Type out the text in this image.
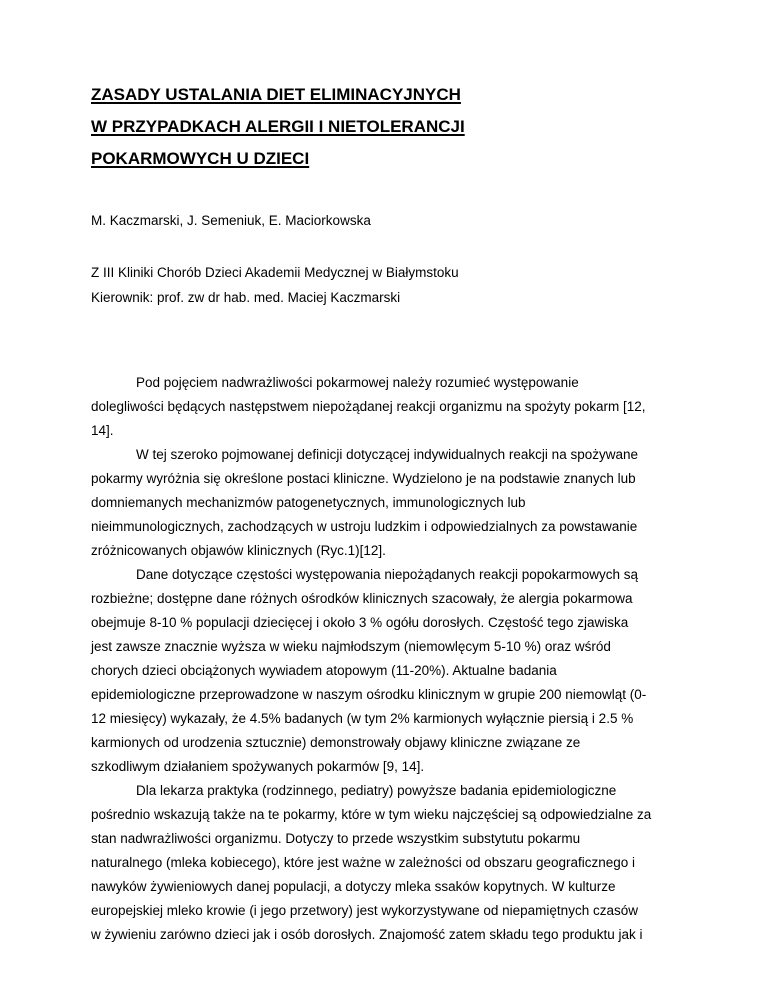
ZASADY USTALANIA DIET ELIMINACYJNYCH
W PRZYPADKACH ALERGII I NIETOLERANCJI
POKARMOWYCH U DZIECI

M. Kaczmarski, J. Semeniuk, E. Maciorkowska

Z III Kliniki Chorób Dzieci Akademii Medycznej w Białymstoku
Kierownik: prof. zw dr hab. med. Maciej Kaczmarski

Pod pojęciem nadwrażliwości pokarmowej należy rozumieć występowanie
dolegliwości będących następstwem niepożądanej reakcji organizmu na spożyty pokarm [12,
14].
W tej szeroko pojmowanej definicji dotyczącej indywidualnych reakcji na spożywane
pokarmy wyróżnia się określone postaci kliniczne. Wydzielono je na podstawie znanych lub
domniemanych mechanizmów patogenetycznych, immunologicznych lub
nieimmunologicznych, zachodzących w ustroju ludzkim i odpowiedzialnych za powstawanie
zróżnicowanych objawów klinicznych (Ryc.1)[12].
Dane dotyczące częstości występowania niepożądanych reakcji popokarmowych są
rozbieżne; dostępne dane różnych ośrodków klinicznych szacowały, że alergia pokarmowa
obejmuje 8-10 % populacji dziecięcej i około 3 % ogółu dorosłych. Częstość tego zjawiska
jest zawsze znacznie wyższa w wieku najmłodszym (niemowlęcym 5-10 %) oraz wśród
chorych dzieci obciążonych wywiadem atopowym (11-20%). Aktualne badania
epidemiologiczne przeprowadzone w naszym ośrodku klinicznym w grupie 200 niemowląt (0-
12 miesięcy) wykazały, że 4.5% badanych (w tym 2% karmionych wyłącznie piersią i 2.5 %
karmionych od urodzenia sztucznie) demonstrowały objawy kliniczne związane ze
szkodliwym działaniem spożywanych pokarmów [9, 14].
Dla lekarza praktyka (rodzinnego, pediatry) powyższe badania epidemiologiczne
pośrednio wskazują także na te pokarmy, które w tym wieku najczęściej są odpowiedzialne za
stan nadwrażliwości organizmu. Dotyczy to przede wszystkim substytutu pokarmu
naturalnego (mleka kobiecego), które jest ważne w zależności od obszaru geograficznego i
nawyków żywieniowych danej populacji, a dotyczy mleka ssaków kopytnych. W kulturze
europejskiej mleko krowie (i jego przetwory) jest wykorzystywane od niepamiętnych czasów
w żywieniu zarówno dzieci jak i osób dorosłych. Znajomość zatem składu tego produktu jak i
